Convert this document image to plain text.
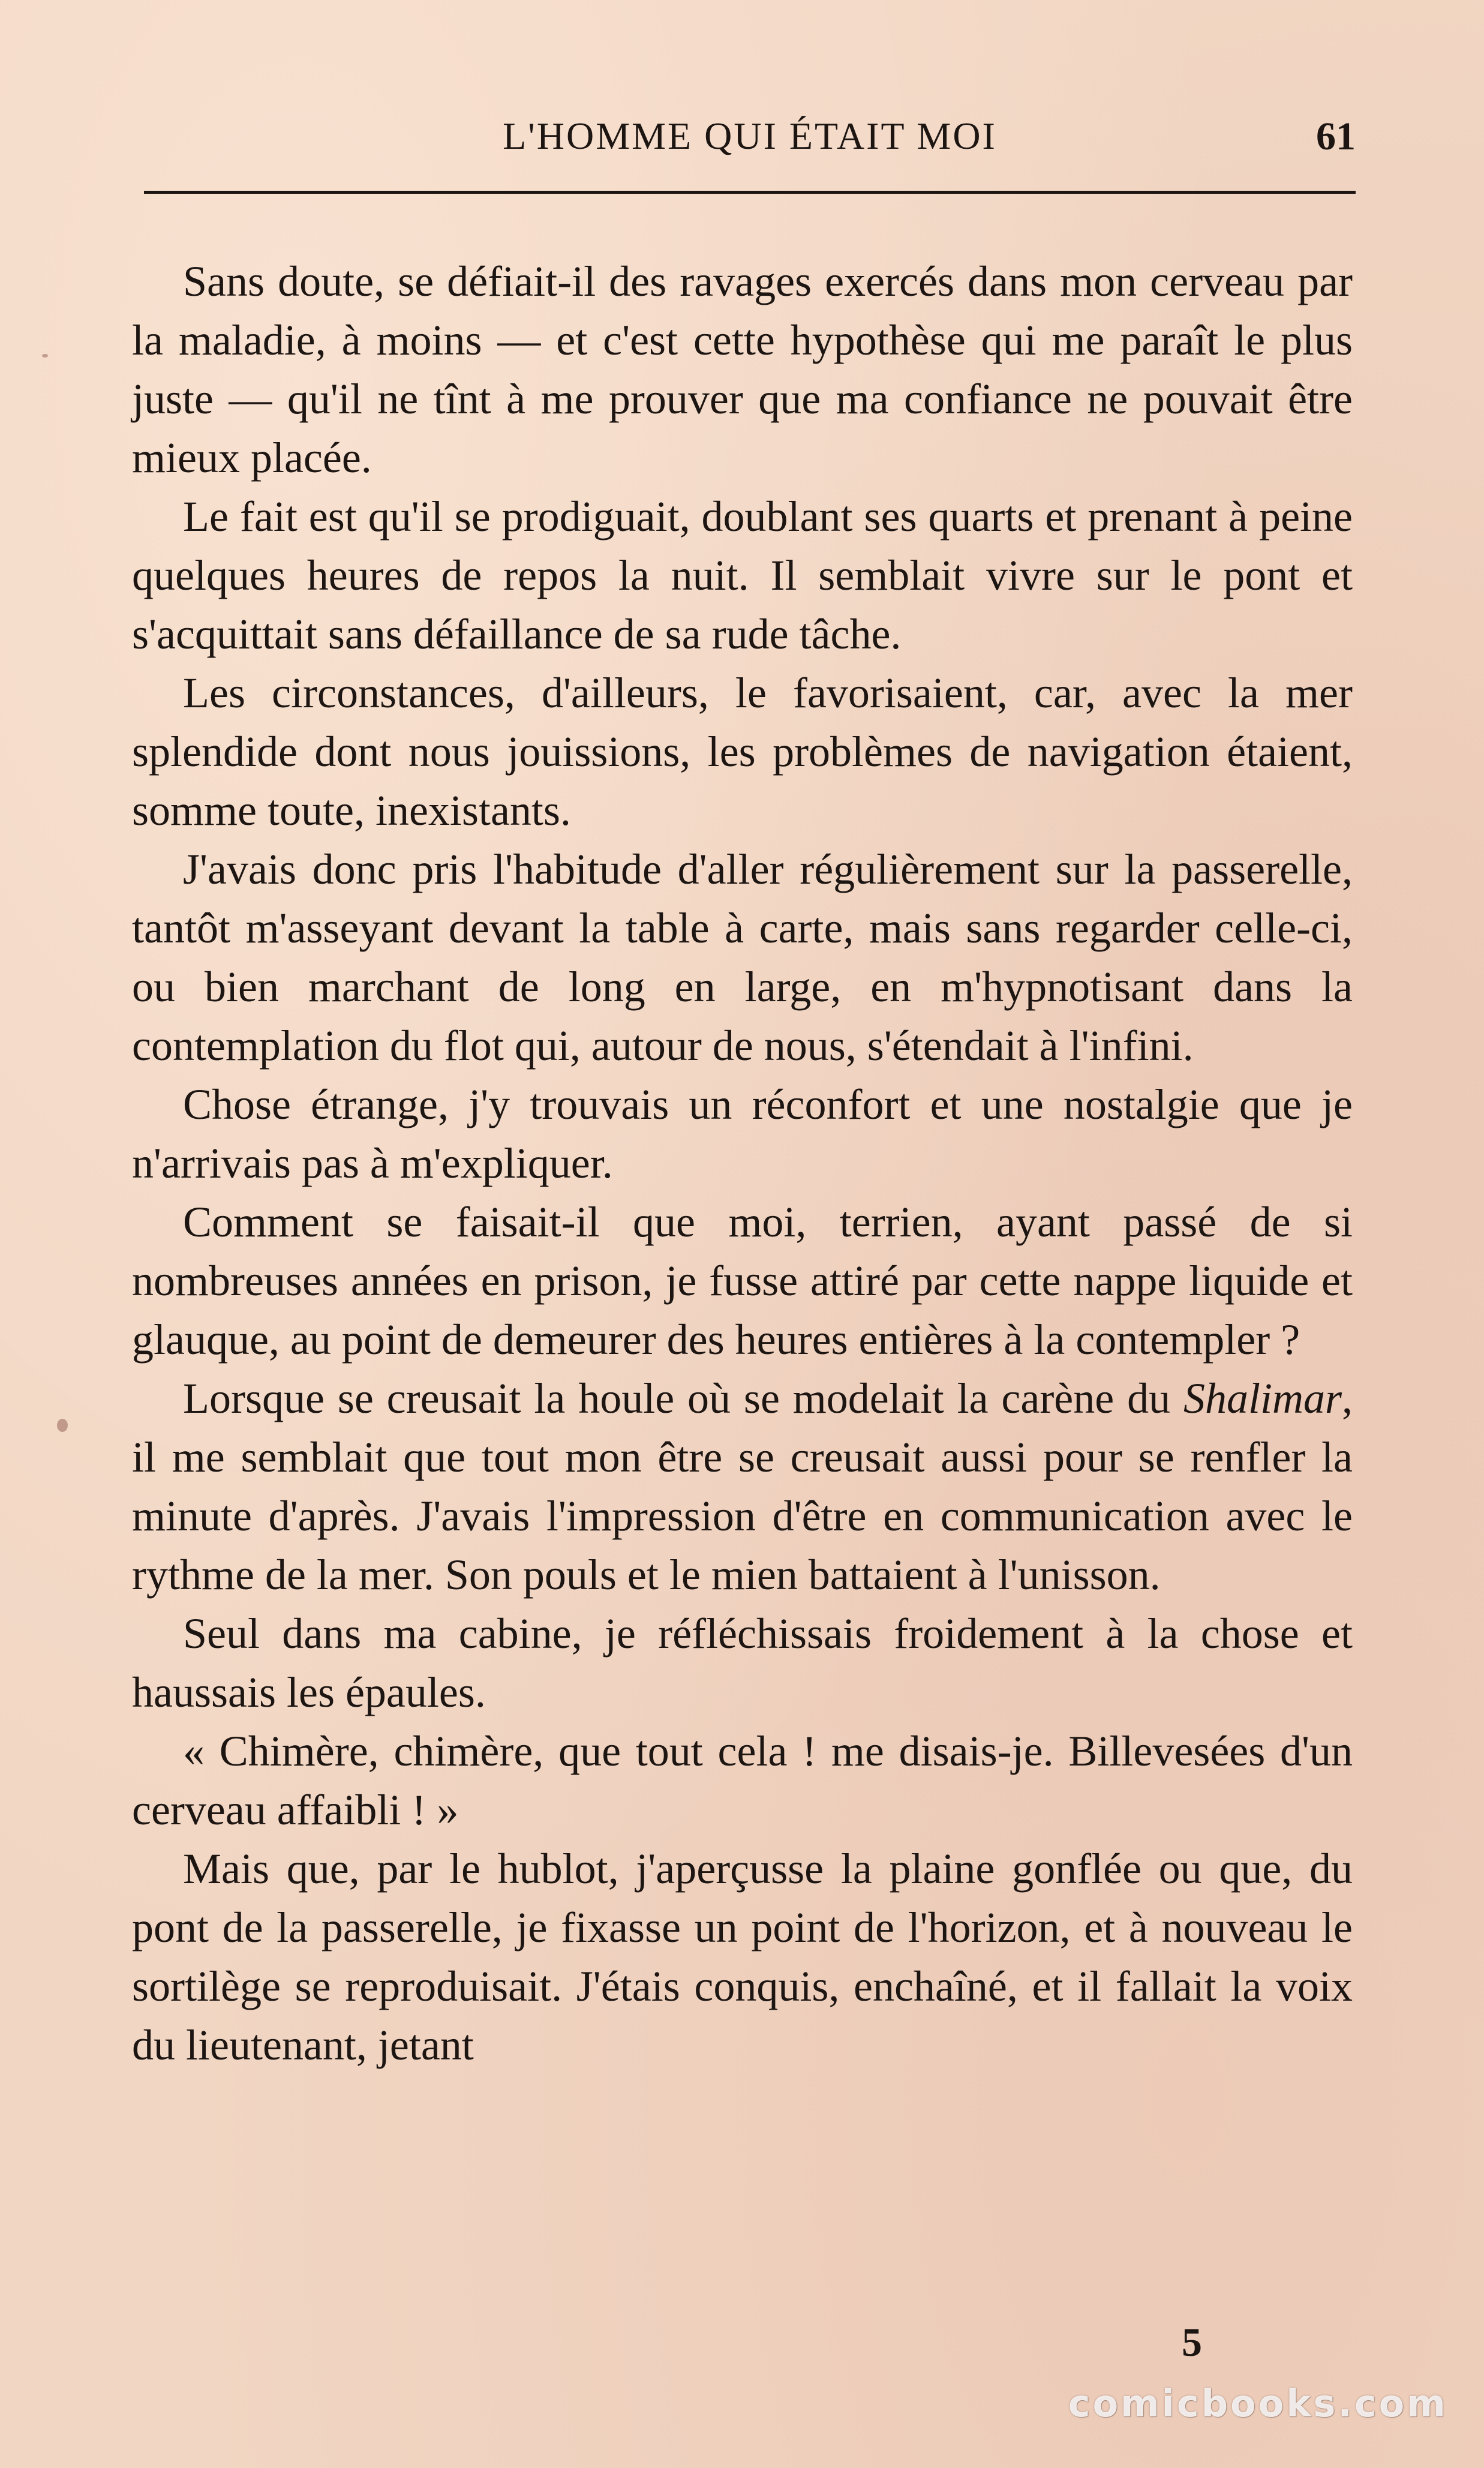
L'HOMME QUI ÉTAIT MOI	61

Sans doute, se défiait-il des ravages exercés dans mon cerveau par la maladie, à moins — et c'est cette hypothèse qui me paraît le plus juste — qu'il ne tînt à me prouver que ma confiance ne pouvait être mieux placée.

Le fait est qu'il se prodiguait, doublant ses quarts et prenant à peine quelques heures de repos la nuit. Il semblait vivre sur le pont et s'acquittait sans défaillance de sa rude tâche.

Les circonstances, d'ailleurs, le favorisaient, car, avec la mer splendide dont nous jouissions, les problèmes de navigation étaient, somme toute, inexistants.

J'avais donc pris l'habitude d'aller régulièrement sur la passerelle, tantôt m'asseyant devant la table à carte, mais sans regarder celle-ci, ou bien marchant de long en large, en m'hypnotisant dans la contemplation du flot qui, autour de nous, s'étendait à l'infini.

Chose étrange, j'y trouvais un réconfort et une nostalgie que je n'arrivais pas à m'expliquer.

Comment se faisait-il que moi, terrien, ayant passé de si nombreuses années en prison, je fusse attiré par cette nappe liquide et glauque, au point de demeurer des heures entières à la contempler ?

Lorsque se creusait la houle où se modelait la carène du Shalimar, il me semblait que tout mon être se creusait aussi pour se renfler la minute d'après. J'avais l'impression d'être en communication avec le rythme de la mer. Son pouls et le mien battaient à l'unisson.

Seul dans ma cabine, je réfléchissais froidement à la chose et haussais les épaules.

« Chimère, chimère, que tout cela ! me disais-je. Billevesées d'un cerveau affaibli ! »

Mais que, par le hublot, j'aperçusse la plaine gonflée ou que, du pont de la passerelle, je fixasse un point de l'horizon, et à nouveau le sortilège se reproduisait. J'étais conquis, enchaîné, et il fallait la voix du lieutenant, jetant

5
comicbooks.com
